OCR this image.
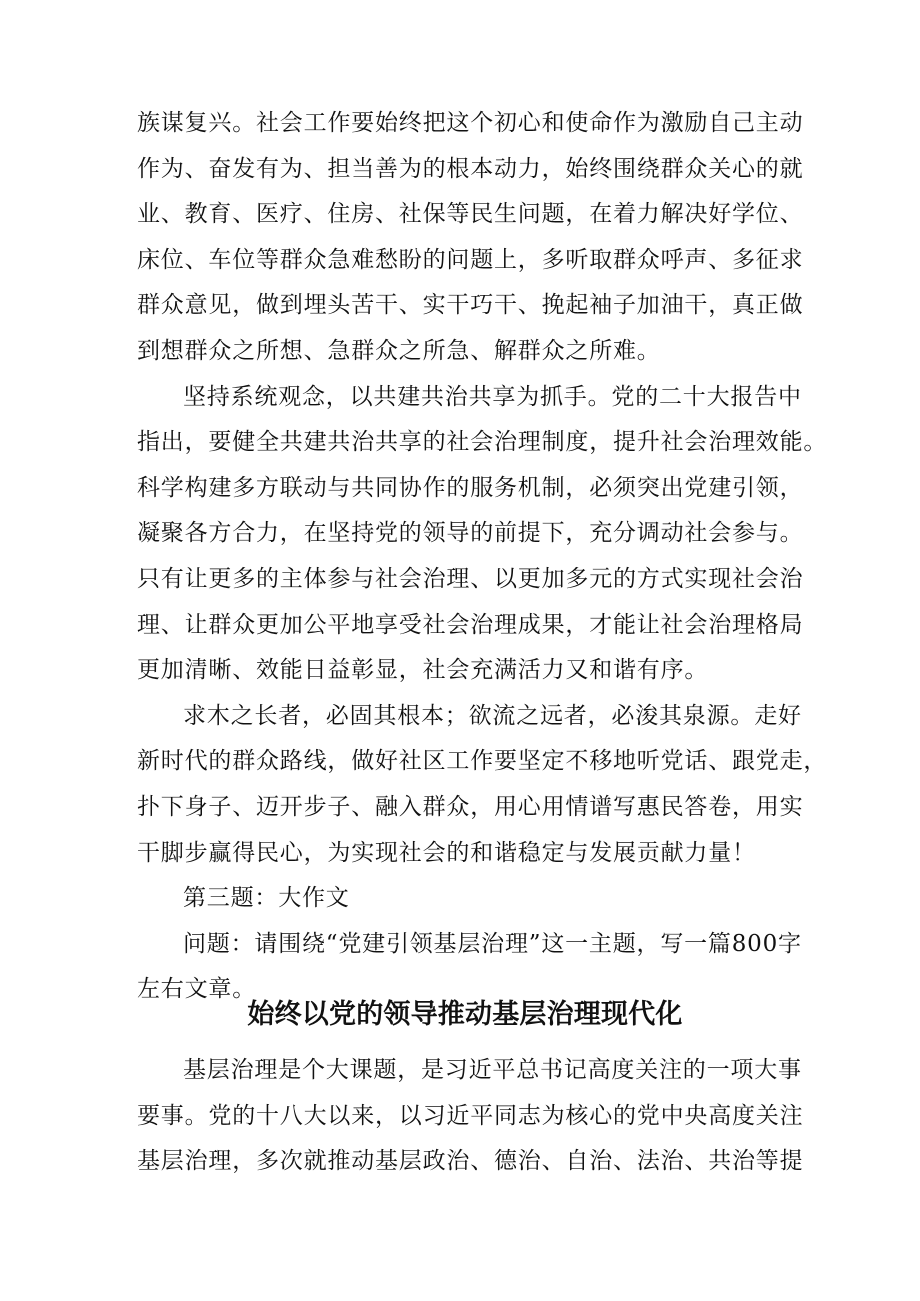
族谋复兴。社会工作要始终把这个初心和使命作为激励自己主动
作为、奋发有为、担当善为的根本动力，始终围绕群众关心的就
业、教育、医疗、住房、社保等民生问题，在着力解决好学位、
床位、车位等群众急难愁盼的问题上，多听取群众呼声、多征求
群众意见，做到埋头苦干、实干巧干、挽起袖子加油干，真正做
到想群众之所想、急群众之所急、解群众之所难。
坚持系统观念，以共建共治共享为抓手。党的二十大报告中
指出，要健全共建共治共享的社会治理制度，提升社会治理效能。
科学构建多方联动与共同协作的服务机制，必须突出党建引领，
凝聚各方合力，在坚持党的领导的前提下，充分调动社会参与。
只有让更多的主体参与社会治理、以更加多元的方式实现社会治
理、让群众更加公平地享受社会治理成果，才能让社会治理格局
更加清晰、效能日益彰显，社会充满活力又和谐有序。
求木之长者，必固其根本；欲流之远者，必浚其泉源。走好
新时代的群众路线，做好社区工作要坚定不移地听党话、跟党走，
扑下身子、迈开步子、融入群众，用心用情谱写惠民答卷，用实
干脚步赢得民心，为实现社会的和谐稳定与发展贡献力量！
第三题：大作文
问题：请围绕“党建引领基层治理”这一主题，写一篇800字
左右文章。
始终以党的领导推动基层治理现代化
基层治理是个大课题，是习近平总书记高度关注的一项大事
要事。党的十八大以来，以习近平同志为核心的党中央高度关注
基层治理，多次就推动基层政治、德治、自治、法治、共治等提
